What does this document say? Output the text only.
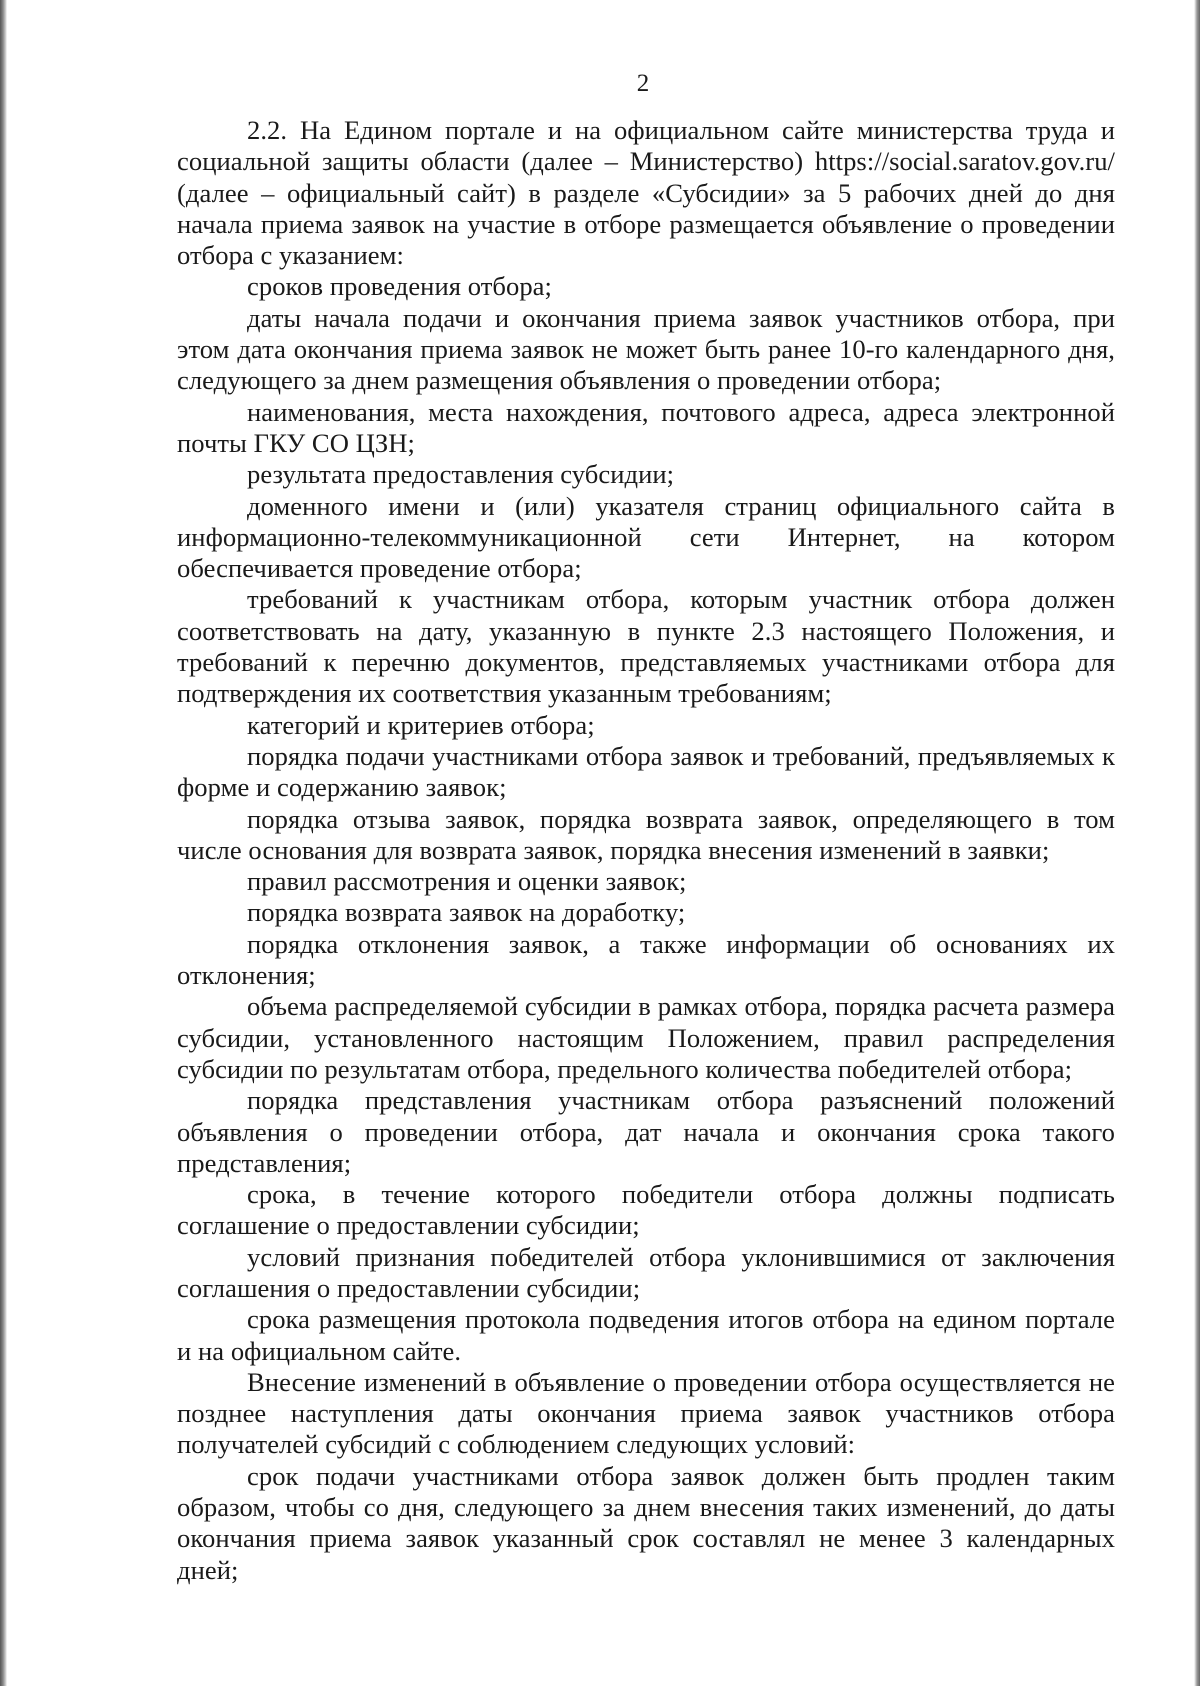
2

2.2. На Едином портале и на официальном сайте министерства труда и социальной защиты области (далее – Министерство) https://social.saratov.gov.ru/ (далее – официальный сайт) в разделе «Субсидии» за 5 рабочих дней до дня начала приема заявок на участие в отборе размещается объявление о проведении отбора с указанием:

сроков проведения отбора;

даты начала подачи и окончания приема заявок участников отбора, при этом дата окончания приема заявок не может быть ранее 10-го календарного дня, следующего за днем размещения объявления о проведении отбора;

наименования, места нахождения, почтового адреса, адреса электронной почты ГКУ СО ЦЗН;

результата предоставления субсидии;

доменного имени и (или) указателя страниц официального сайта в информационно-телекоммуникационной сети Интернет, на котором обеспечивается проведение отбора;

требований к участникам отбора, которым участник отбора должен соответствовать на дату, указанную в пункте 2.3 настоящего Положения, и требований к перечню документов, представляемых участниками отбора для подтверждения их соответствия указанным требованиям;

категорий и критериев отбора;

порядка подачи участниками отбора заявок и требований, предъявляемых к форме и содержанию заявок;

порядка отзыва заявок, порядка возврата заявок, определяющего в том числе основания для возврата заявок, порядка внесения изменений в заявки;

правил рассмотрения и оценки заявок;

порядка возврата заявок на доработку;

порядка отклонения заявок, а также информации об основаниях их отклонения;

объема распределяемой субсидии в рамках отбора, порядка расчета размера субсидии, установленного настоящим Положением, правил распределения субсидии по результатам отбора, предельного количества победителей отбора;

порядка представления участникам отбора разъяснений положений объявления о проведении отбора, дат начала и окончания срока такого представления;

срока, в течение которого победители отбора должны подписать соглашение о предоставлении субсидии;

условий признания победителей отбора уклонившимися от заключения соглашения о предоставлении субсидии;

срока размещения протокола подведения итогов отбора на едином портале и на официальном сайте.

Внесение изменений в объявление о проведении отбора осуществляется не позднее наступления даты окончания приема заявок участников отбора получателей субсидий с соблюдением следующих условий:

срок подачи участниками отбора заявок должен быть продлен таким образом, чтобы со дня, следующего за днем внесения таких изменений, до даты окончания приема заявок указанный срок составлял не менее 3 календарных дней;
